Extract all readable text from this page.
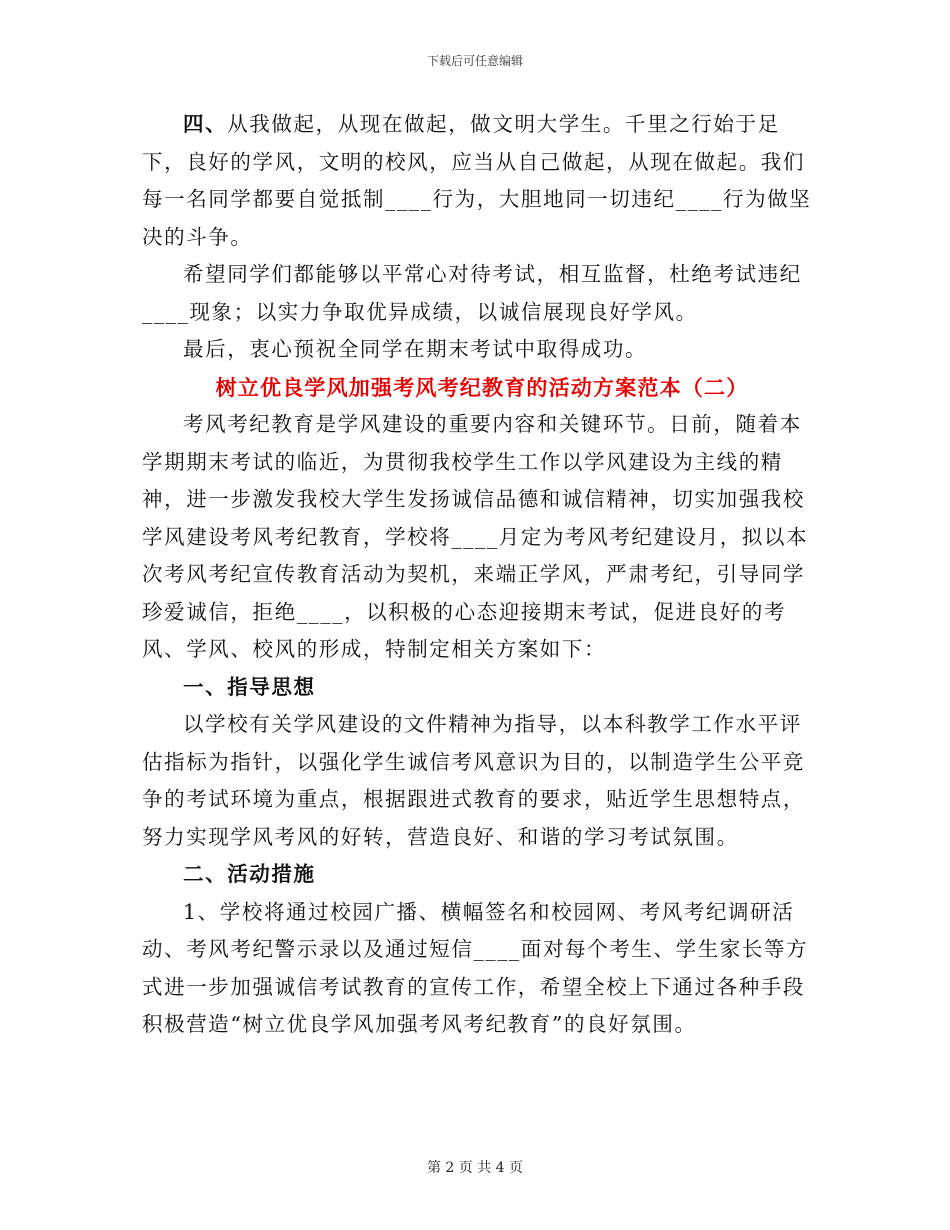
下载后可任意编辑

四、从我做起，从现在做起，做文明大学生。千里之行始于足下，良好的学风，文明的校风，应当从自己做起，从现在做起。我们每一名同学都要自觉抵制____行为，大胆地同一切违纪____行为做坚决的斗争。

希望同学们都能够以平常心对待考试，相互监督，杜绝考试违纪____现象；以实力争取优异成绩，以诚信展现良好学风。

最后，衷心预祝全同学在期末考试中取得成功。

树立优良学风加强考风考纪教育的活动方案范本（二）

考风考纪教育是学风建设的重要内容和关键环节。日前，随着本学期期末考试的临近，为贯彻我校学生工作以学风建设为主线的精神，进一步激发我校大学生发扬诚信品德和诚信精神，切实加强我校学风建设考风考纪教育，学校将____月定为考风考纪建设月，拟以本次考风考纪宣传教育活动为契机，来端正学风，严肃考纪，引导同学珍爱诚信，拒绝____，以积极的心态迎接期末考试，促进良好的考风、学风、校风的形成，特制定相关方案如下：

一、指导思想

以学校有关学风建设的文件精神为指导，以本科教学工作水平评估指标为指针，以强化学生诚信考风意识为目的，以制造学生公平竞争的考试环境为重点，根据跟进式教育的要求，贴近学生思想特点，努力实现学风考风的好转，营造良好、和谐的学习考试氛围。

二、活动措施

1、学校将通过校园广播、横幅签名和校园网、考风考纪调研活动、考风考纪警示录以及通过短信____面对每个考生、学生家长等方式进一步加强诚信考试教育的宣传工作，希望全校上下通过各种手段积极营造“树立优良学风加强考风考纪教育”的良好氛围。

第 2 页 共 4 页
